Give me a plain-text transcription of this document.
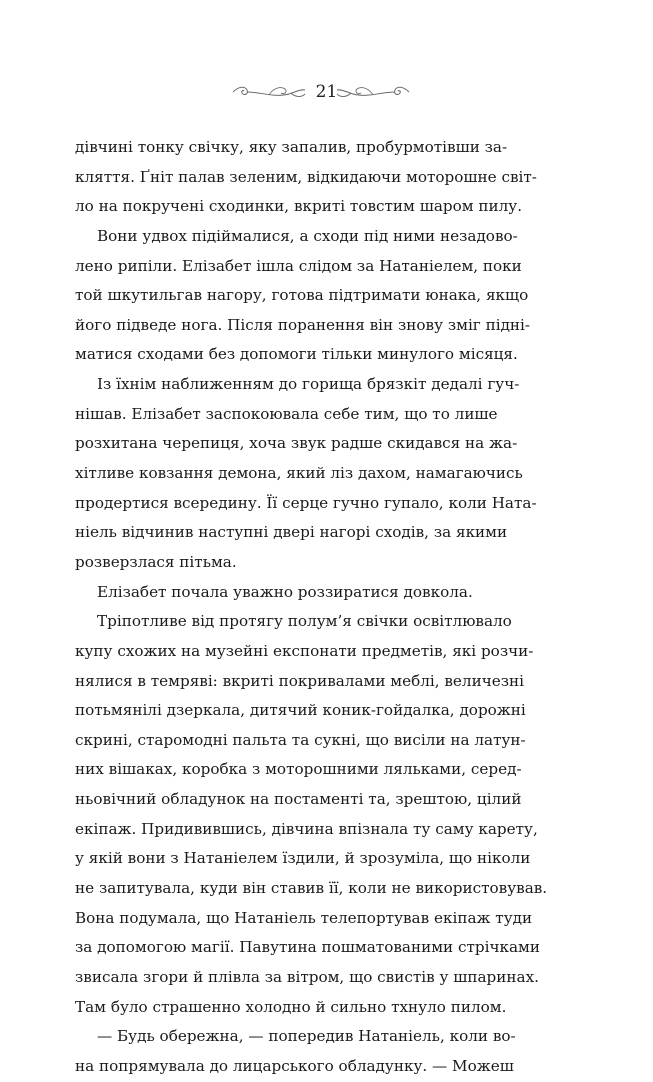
21
дівчині тонку свічку, яку запалив, пробурмотівши за-
кляття. Ґніт палав зеленим, відкидаючи моторошне світ-
ло на покручені сходинки, вкриті товстим шаром пилу.
Вони удвох підіймалися, а сходи під ними незадово-
лено рипіли. Елізабет ішла слідом за Натаніелем, поки
той шкутильгав нагору, готова підтримати юнака, якщо
його підведе нога. Після поранення він знову зміг підні-
матися сходами без допомоги тільки минулого місяця.
Із їхнім наближенням до горища брязкіт дедалі гуч-
нішав. Елізабет заспокоювала себе тим, що то лише
розхитана черепиця, хоча звук радше скидався на жа-
хітливе ковзання демона, який ліз дахом, намагаючись
продертися всередину. Її серце гучно гупало, коли Ната-
ніель відчинив наступні двері нагорі сходів, за якими
розверзлася пітьма.
Елізабет почала уважно роззиратися довкола.
Тріпотливе від протягу полум’я свічки освітлювало
купу схожих на музейні експонати предметів, які розчи-
нялися в темряві: вкриті покривалами меблі, величезні
потьмянілі дзеркала, дитячий коник-гойдалка, дорожні
скрині, старомодні пальта та сукні, що висіли на латун-
них вішаках, коробка з моторошними ляльками, серед-
ньовічний обладунок на постаменті та, зрештою, цілий
екіпаж. Придивившись, дівчина впізнала ту саму карету,
у якій вони з Натаніелем їздили, й зрозуміла, що ніколи
не запитувала, куди він ставив її, коли не використовував.
Вона подумала, що Натаніель телепортував екіпаж туди
за допомогою магії. Павутина пошматованими стрічками
звисала згори й плівла за вітром, що свистів у шпаринах.
Там було страшенно холодно й сильно тхнуло пилом.
— Будь обережна, — попередив Натаніель, коли во-
на попрямувала до лицарського обладунку. — Можеш
